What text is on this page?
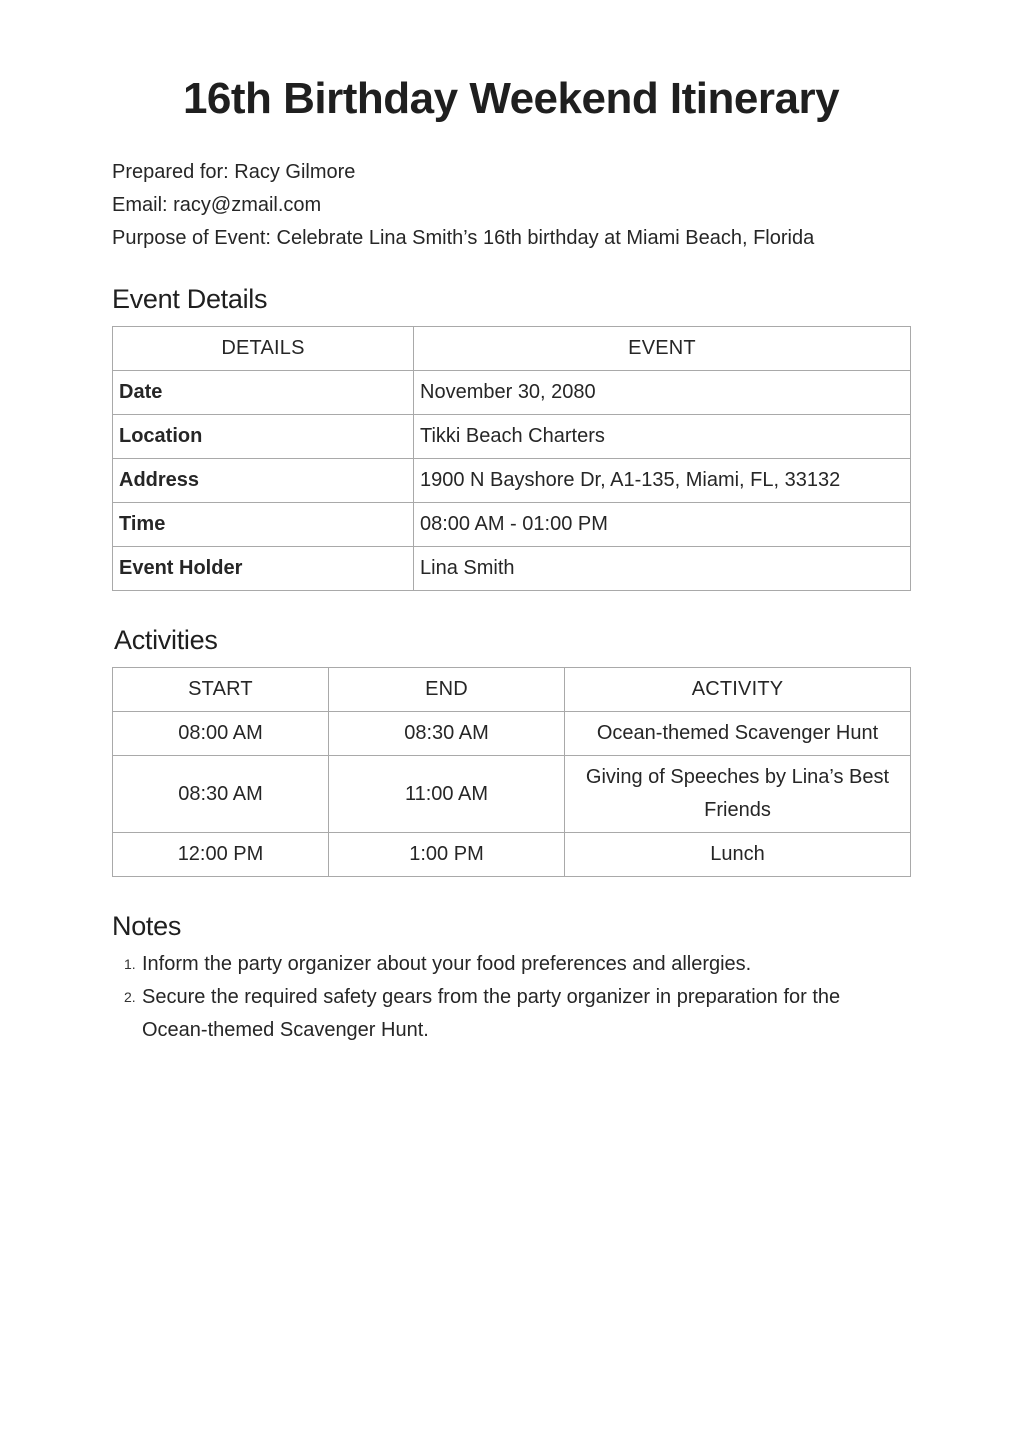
16th Birthday Weekend Itinerary
Prepared for: Racy Gilmore
Email: racy@zmail.com
Purpose of Event: Celebrate Lina Smith’s 16th birthday at Miami Beach, Florida
Event Details
DETAILS	EVENT
Date	November 30, 2080
Location	Tikki Beach Charters
Address	1900 N Bayshore Dr, A1-135, Miami, FL, 33132
Time	08:00 AM - 01:00 PM
Event Holder	Lina Smith
Activities
START	END	ACTIVITY
08:00 AM	08:30 AM	Ocean-themed Scavenger Hunt
08:30 AM	11:00 AM	Giving of Speeches by Lina’s Best Friends
12:00 PM	1:00 PM	Lunch
Notes
1. Inform the party organizer about your food preferences and allergies.
2. Secure the required safety gears from the party organizer in preparation for the Ocean-themed Scavenger Hunt.
